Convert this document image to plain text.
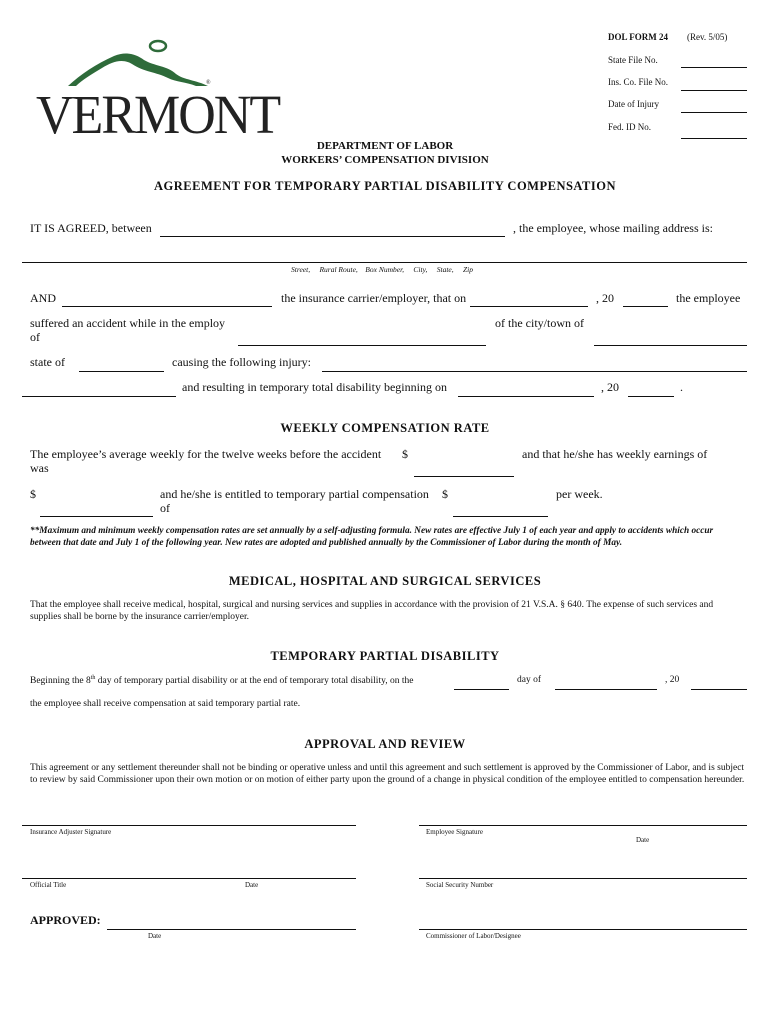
DOL FORM 24 (Rev. 5/05)
State File No.
Ins. Co. File No.
Date of Injury
Fed. ID No.
®
VERMONT
DEPARTMENT OF LABOR
WORKERS’ COMPENSATION DIVISION
AGREEMENT FOR TEMPORARY PARTIAL DISABILITY COMPENSATION
IT IS AGREED, between	, the employee, whose mailing address is:
Street,     Rural Route,    Box Number,     City,     State,     Zip
AND	the insurance carrier/employer, that on	, 20	the employee
suffered an accident while in the employ
of
of the city/town of
state of	causing the following injury:
and resulting in temporary total disability beginning on	, 20	.
WEEKLY COMPENSATION RATE
The employee’s average weekly for the twelve weeks before the accident
was
$	and that he/she has weekly earnings of
$	and he/she is entitled to temporary partial compensation
of
$	per week.
**Maximum and minimum weekly compensation rates are set annually by a self-adjusting formula. New rates are effective July 1 of each year and apply to accidents which occur between that date and July 1 of the following year. New rates are adopted and published annually by the Commissioner of Labor during the month of May.
MEDICAL, HOSPITAL AND SURGICAL SERVICES
That the employee shall receive medical, hospital, surgical and nursing services and supplies in accordance with the provision of 21 V.S.A. § 640. The expense of such services and supplies shall be borne by the insurance carrier/employer.
TEMPORARY PARTIAL DISABILITY
Beginning the 8th day of temporary partial disability or at the end of temporary total disability, on the	day of	, 20
the employee shall receive compensation at said temporary partial rate.
APPROVAL AND REVIEW
This agreement or any settlement thereunder shall not be binding or operative unless and until this agreement and such settlement is approved by the Commissioner of Labor, and is subject to review by said Commissioner upon their own motion or on motion of either party upon the ground of a change in physical condition of the employee entitled to compensation hereunder.
Insurance Adjuster Signature	Employee Signature
Date
Official Title	Date	Social Security Number
APPROVED:
Date	Commissioner of Labor/Designee
